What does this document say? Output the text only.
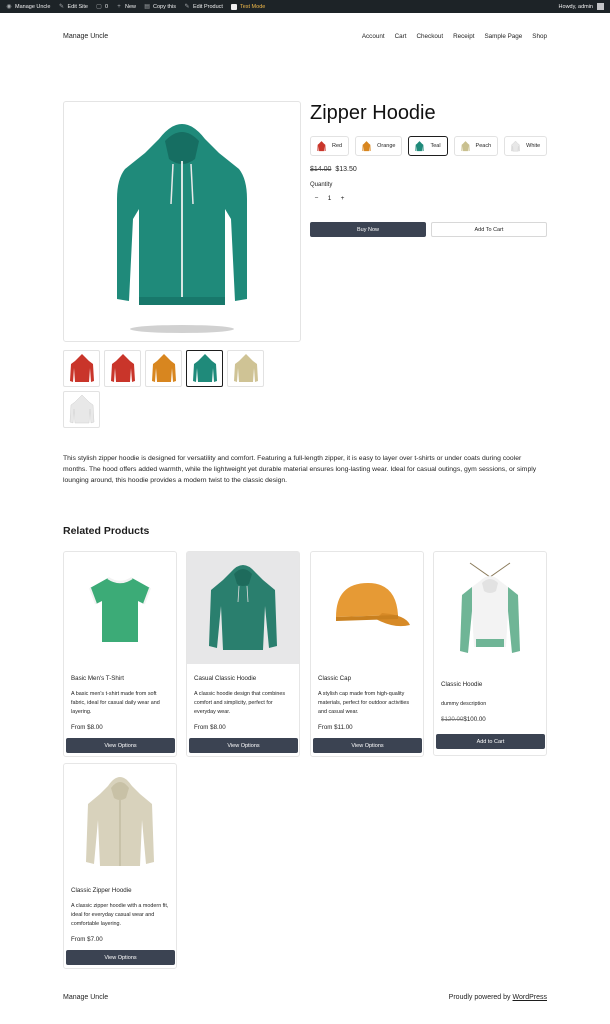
◉ Manage Uncle ✎ Edit Site ▢ 0 + New ▤ Copy this ✎ Edit Product	Test Mode	Howdy, admin
Manage Uncle	Account Cart Checkout Receipt Sample Page Shop
Zipper Hoodie
Red	Orange	Teal	Peach	White
$14.00 $13.50
Quantity
−	1	+
Buy Now	Add To Cart

This stylish zipper hoodie is designed for versatility and comfort. Featuring a full-length zipper, it is easy to layer over t-shirts or under coats during cooler months. The hood offers added warmth, while the lightweight yet durable material ensures long-lasting wear. Ideal for casual outings, gym sessions, or simply lounging around, this hoodie provides a modern twist to the classic design.

Related Products
Basic Men's T-Shirt
A basic men's t-shirt made from soft fabric, ideal for casual daily wear and layering.
From $8.00
View Options
Casual Classic Hoodie
A classic hoodie design that combines comfort and simplicity, perfect for everyday wear.
From $8.00
View Options
Classic Cap
A stylish cap made from high-quality materials, perfect for outdoor activities and casual wear.
From $11.00
View Options
Classic Hoodie
dummy description
$120.00$100.00
Add to Cart
Classic Zipper Hoodie
A classic zipper hoodie with a modern fit, ideal for everyday casual wear and comfortable layering.
From $7.00
View Options
Manage Uncle	Proudly powered by WordPress
